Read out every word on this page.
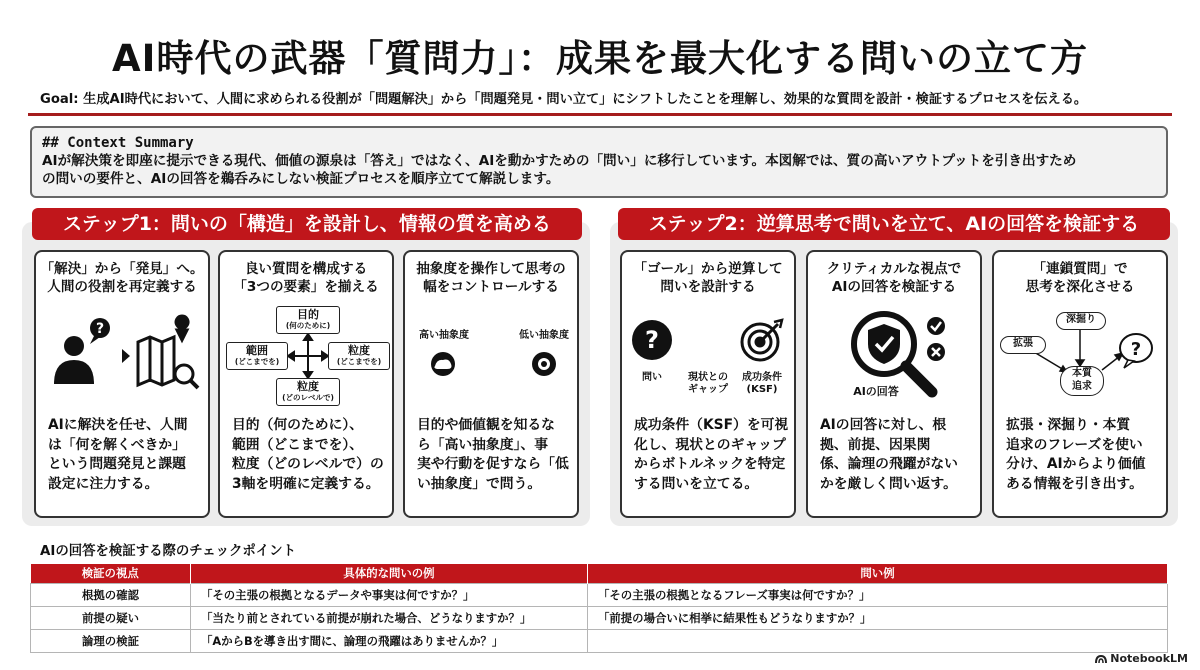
AI時代の武器「質問力」：成果を最大化する問いの立て方
Goal: 生成AI時代において、人間に求められる役割が「問題解決」から「問題発見・問い立て」にシフトしたことを理解し、効果的な質問を設計・検証するプロセスを伝える。
## Context Summary
AIが解決策を即座に提示できる現代、価値の源泉は「答え」ではなく、AIを動かすための「問い」に移行しています。本図解では、質の高いアウトプットを引き出すため
の問いの要件と、AIの回答を鵜呑みにしない検証プロセスを順序立てて解説します。
ステップ1：問いの「構造」を設計し、情報の質を高める
「解決」から「発見」へ。
人間の役割を再定義する
?
AIに解決を任せ、人間
は「何を解くべきか」
という問題発見と課題
設定に注力する。
良い質問を構成する
「3つの要素」を揃える
目的
(何のために)
範囲
(どこまでを)
粒度
(どこまでを)
粒度
(どのレベルで)
目的（何のために）、
範囲（どこまでを）、
粒度（どのレベルで）の
3軸を明確に定義する。
抽象度を操作して思考の
幅をコントロールする
高い抽象度	低い抽象度
目的や価値観を知るな
ら「高い抽象度」、事
実や行動を促すなら「低
い抽象度」で問う。
ステップ2：逆算思考で問いを立て、AIの回答を検証する
「ゴール」から逆算して
問いを設計する
?
問い	現状との
ギャップ
成功条件
(KSF)
成功条件（KSF）を可視
化し、現状とのギャップ
からボトルネックを特定
する問いを立てる。
クリティカルな視点で
AIの回答を検証する
AIの回答
AIの回答に対し、根
拠、前提、因果関
係、論理の飛躍がない
かを厳しく問い返す。
「連鎖質問」で
思考を深化させる
?
拡張
深掘り
本質
追求
拡張・深掘り・本質
追求のフレーズを使い
分け、AIからより価値
ある情報を引き出す。
AIの回答を検証する際のチェックポイント
検証の視点	具体的な問いの例	問い例
根拠の確認	「その主張の根拠となるデータや事実は何ですか？」	「その主張の根拠となるフレーズ事実は何ですか？」
前提の疑い	「当たり前とされている前提が崩れた場合、どうなりますか？」	「前提の場合いに相挙に結果性もどうなりますか？」
論理の検証	「AからBを導き出す間に、論理の飛躍はありませんか？」	
NotebookLM
